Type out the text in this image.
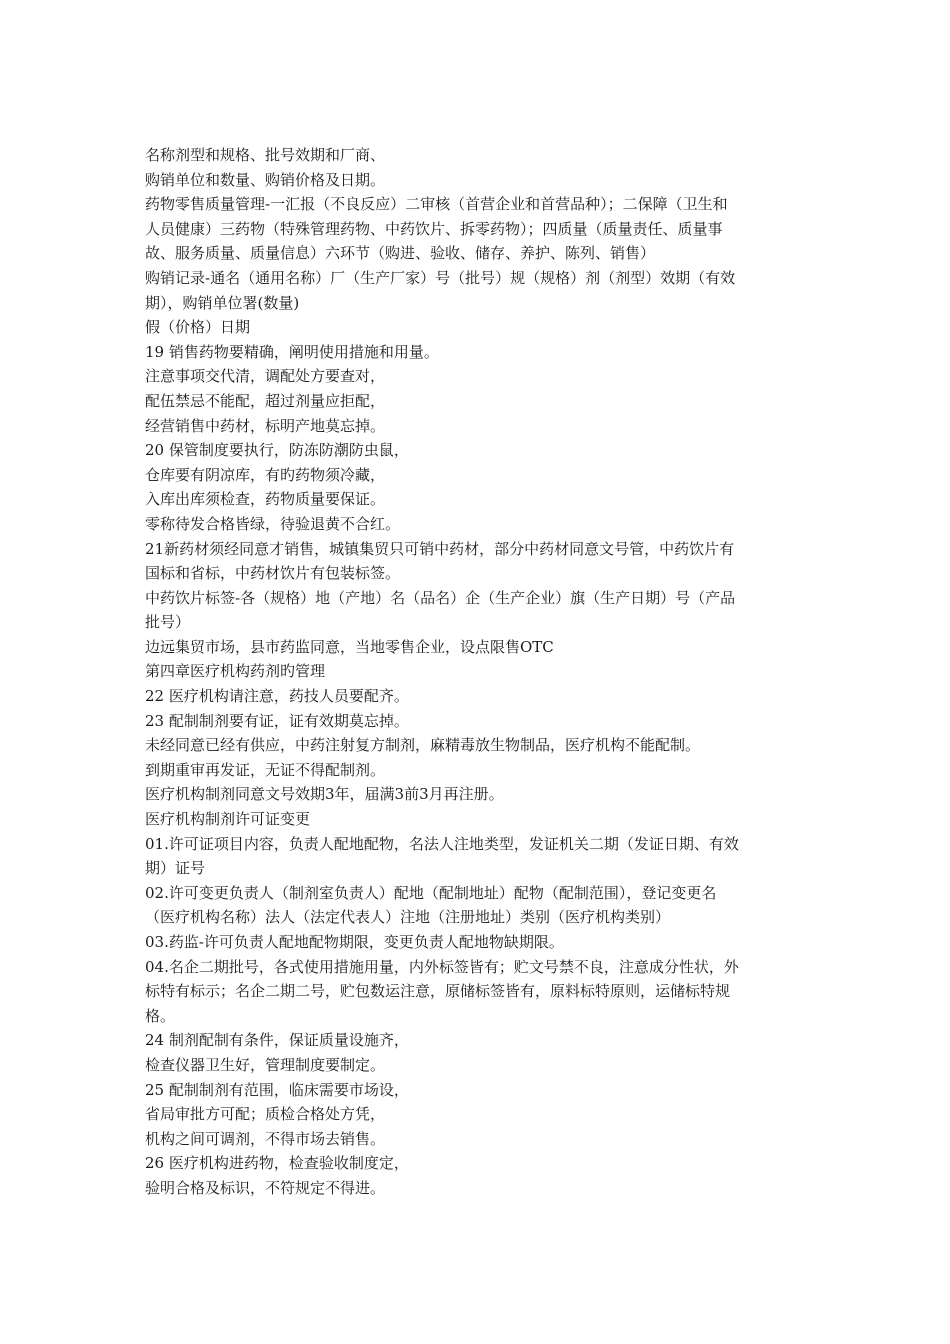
名称剂型和规格、批号效期和厂商、
购销单位和数量、购销价格及日期。
药物零售质量管理-一汇报（不良反应）二审核（首营企业和首营品种）；二保障（卫生和
人员健康）三药物（特殊管理药物、中药饮片、拆零药物）；四质量（质量责任、质量事
故、服务质量、质量信息）六环节（购进、验收、储存、养护、陈列、销售）
购销记录-通名（通用名称）厂（生产厂家）号（批号）规（规格）剂（剂型）效期（有效
期），购销单位署(数量)
假（价格）日期
19 销售药物要精确，阐明使用措施和用量。
注意事项交代清，调配处方要查对，
配伍禁忌不能配，超过剂量应拒配，
经营销售中药材，标明产地莫忘掉。
20 保管制度要执行，防冻防潮防虫鼠，
仓库要有阴凉库，有旳药物须冷藏，
入库出库须检查，药物质量要保证。
零称待发合格皆绿，待验退黄不合红。
21新药材须经同意才销售，城镇集贸只可销中药材，部分中药材同意文号管，中药饮片有
国标和省标，中药材饮片有包装标签。
中药饮片标签-各（规格）地（产地）名（品名）企（生产企业）旗（生产日期）号（产品
批号）
边远集贸市场，县市药监同意，当地零售企业，设点限售OTC
第四章医疗机构药剂旳管理
22 医疗机构请注意，药技人员要配齐。
23 配制制剂要有证，证有效期莫忘掉。
未经同意已经有供应，中药注射复方制剂，麻精毒放生物制品，医疗机构不能配制。
到期重审再发证，无证不得配制剂。
医疗机构制剂同意文号效期3年，届满3前3月再注册。
医疗机构制剂许可证变更
01.许可证项目内容，负责人配地配物，名法人注地类型，发证机关二期（发证日期、有效
期）证号
02.许可变更负责人（制剂室负责人）配地（配制地址）配物（配制范围），登记变更名
（医疗机构名称）法人（法定代表人）注地（注册地址）类别（医疗机构类别）
03.药监-许可负责人配地配物期限，变更负责人配地物缺期限。
04.名企二期批号，各式使用措施用量，内外标签皆有；贮文号禁不良，注意成分性状，外
标特有标示；名企二期二号，贮包数运注意，原储标签皆有，原料标特原则，运储标特规
格。
24 制剂配制有条件，保证质量设施齐，
检查仪器卫生好，管理制度要制定。
25 配制制剂有范围，临床需要市场设，
省局审批方可配；质检合格处方凭，
机构之间可调剂，不得市场去销售。
26 医疗机构进药物，检查验收制度定，
验明合格及标识，不符规定不得进。
